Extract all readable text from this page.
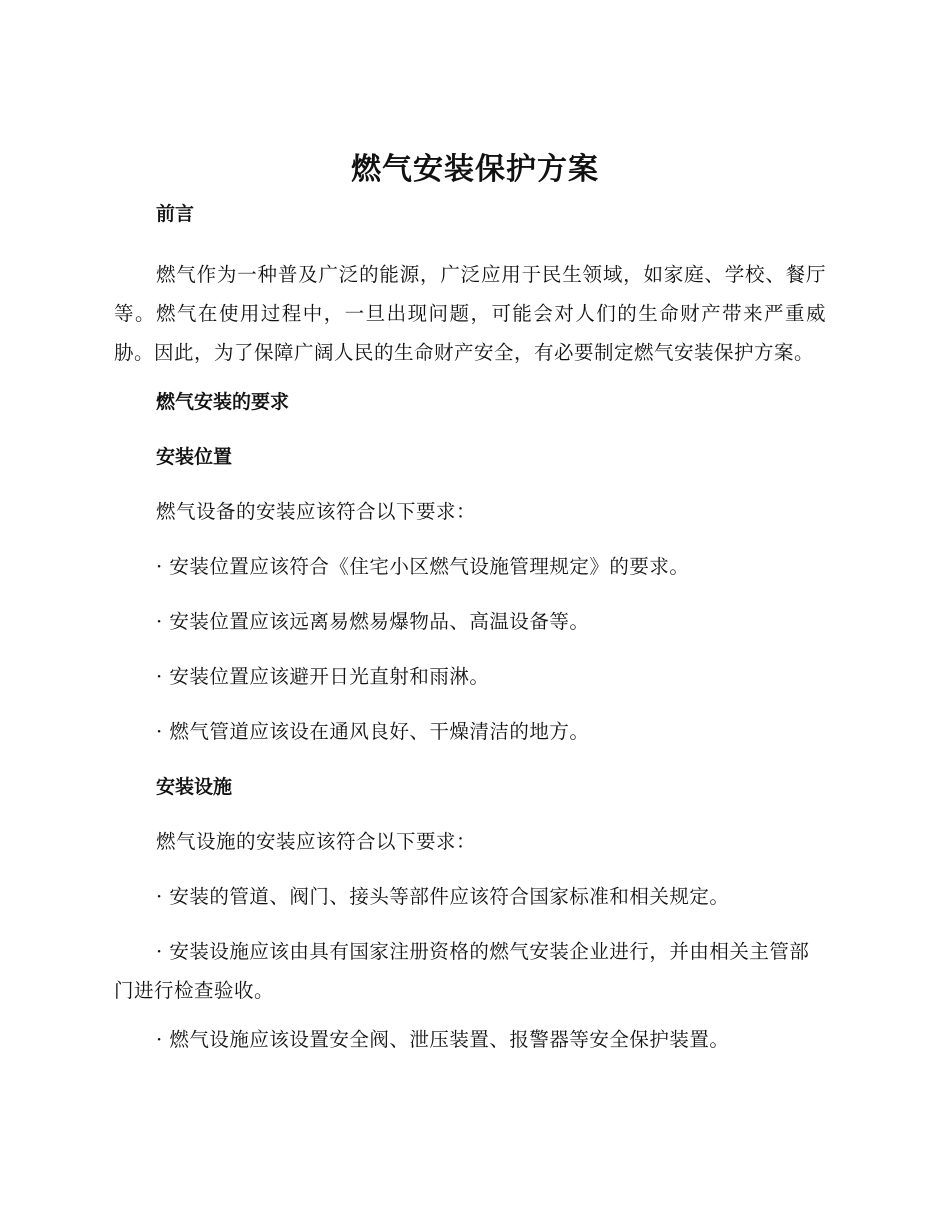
燃气安装保护方案

前言

燃气作为一种普及广泛的能源，广泛应用于民生领域，如家庭、学校、餐厅等。燃气在使用过程中，一旦出现问题，可能会对人们的生命财产带来严重威胁。因此，为了保障广阔人民的生命财产安全，有必要制定燃气安装保护方案。

燃气安装的要求

安装位置

燃气设备的安装应该符合以下要求：

· 安装位置应该符合《住宅小区燃气设施管理规定》的要求。

· 安装位置应该远离易燃易爆物品、高温设备等。

· 安装位置应该避开日光直射和雨淋。

· 燃气管道应该设在通风良好、干燥清洁的地方。

安装设施

燃气设施的安装应该符合以下要求：

· 安装的管道、阀门、接头等部件应该符合国家标准和相关规定。

· 安装设施应该由具有国家注册资格的燃气安装企业进行，并由相关主管部门进行检查验收。

· 燃气设施应该设置安全阀、泄压装置、报警器等安全保护装置。
